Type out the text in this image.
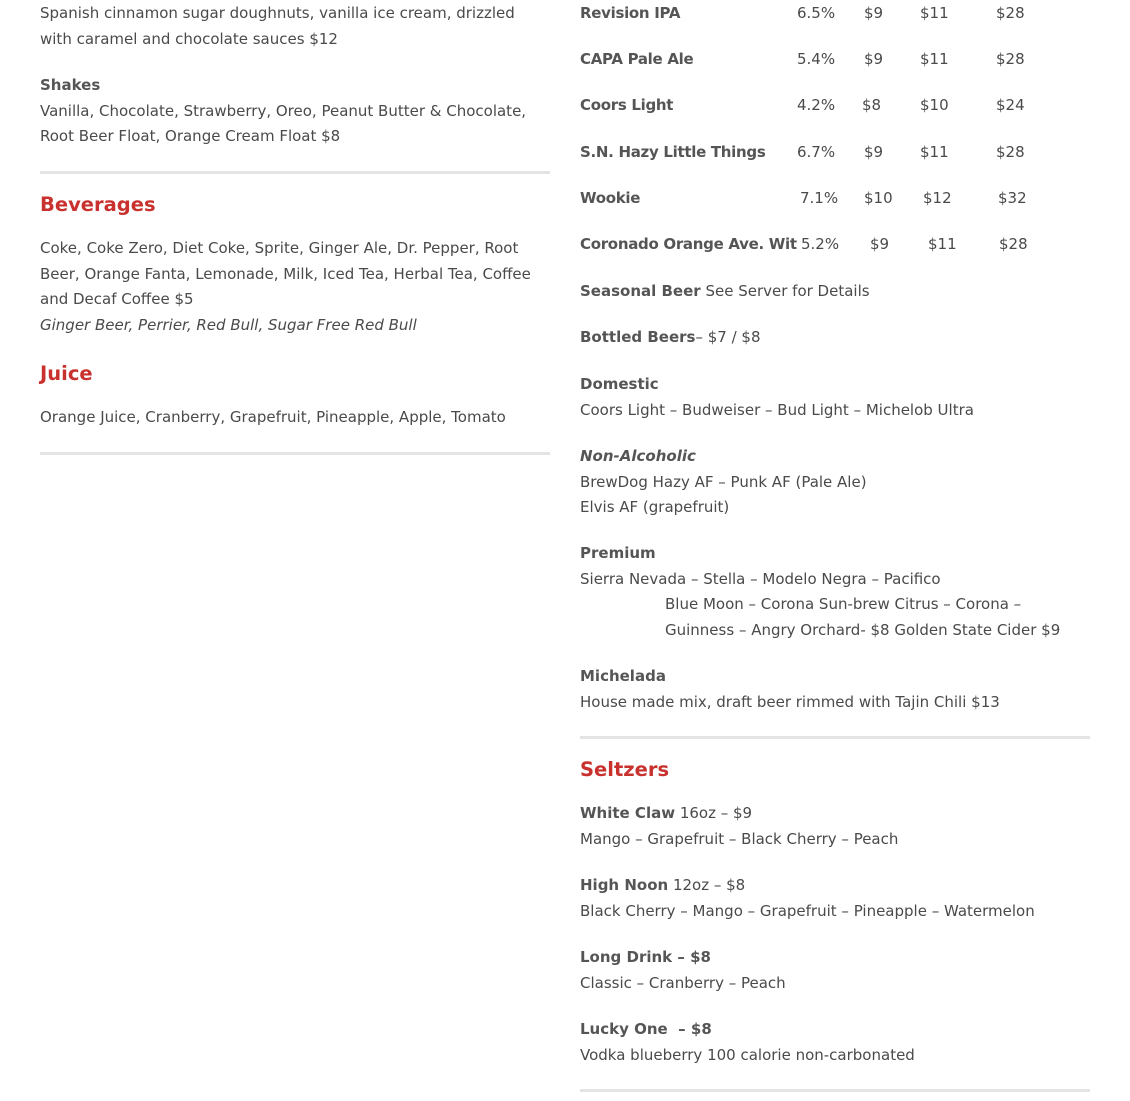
Spanish cinnamon sugar doughnuts, vanilla ice cream, drizzled with caramel and chocolate sauces $12

Shakes

Vanilla, Chocolate, Strawberry, Oreo, Peanut Butter & Chocolate, Root Beer Float, Orange Cream Float $8

Beverages

Coke, Coke Zero, Diet Coke, Sprite, Ginger Ale, Dr. Pepper, Root Beer, Orange Fanta, Lemonade, Milk, Iced Tea, Herbal Tea, Coffee and Decaf Coffee $5

Ginger Beer, Perrier, Red Bull, Sugar Free Red Bull

Juice

Orange Juice, Cranberry, Grapefruit, Pineapple, Apple, Tomato

Revision IPA	6.5% $9 $11	$28
CAPA Pale Ale	5.4% $9 $11	$28
Coors Light	4.2% $8	$10	$24
S.N. Hazy Little Things 6.7% $9 $11	$28
Wookie	7.1% $10 $12	$32
Coronado Orange Ave. Wit 5.2% $9	$11	$28

Seasonal Beer See Server for Details

Bottled Beers– $7 / $8

Domestic

Coors Light – Budweiser – Bud Light – Michelob Ultra

Non-Alcoholic

BrewDog Hazy AF – Punk AF (Pale Ale)

Elvis AF (grapefruit)

Premium

Sierra Nevada – Stella – Modelo Negra – Pacifico

Blue Moon – Corona Sun-brew Citrus – Corona – Guinness – Angry Orchard- $8 Golden State Cider $9

Michelada

House made mix, draft beer rimmed with Tajin Chili $13

Seltzers

White Claw 16oz – $9

Mango – Grapefruit – Black Cherry – Peach

High Noon 12oz – $8

Black Cherry – Mango – Grapefruit – Pineapple – Watermelon

Long Drink – $8

Classic – Cranberry – Peach

Lucky One  – $8

Vodka blueberry 100 calorie non-carbonated
